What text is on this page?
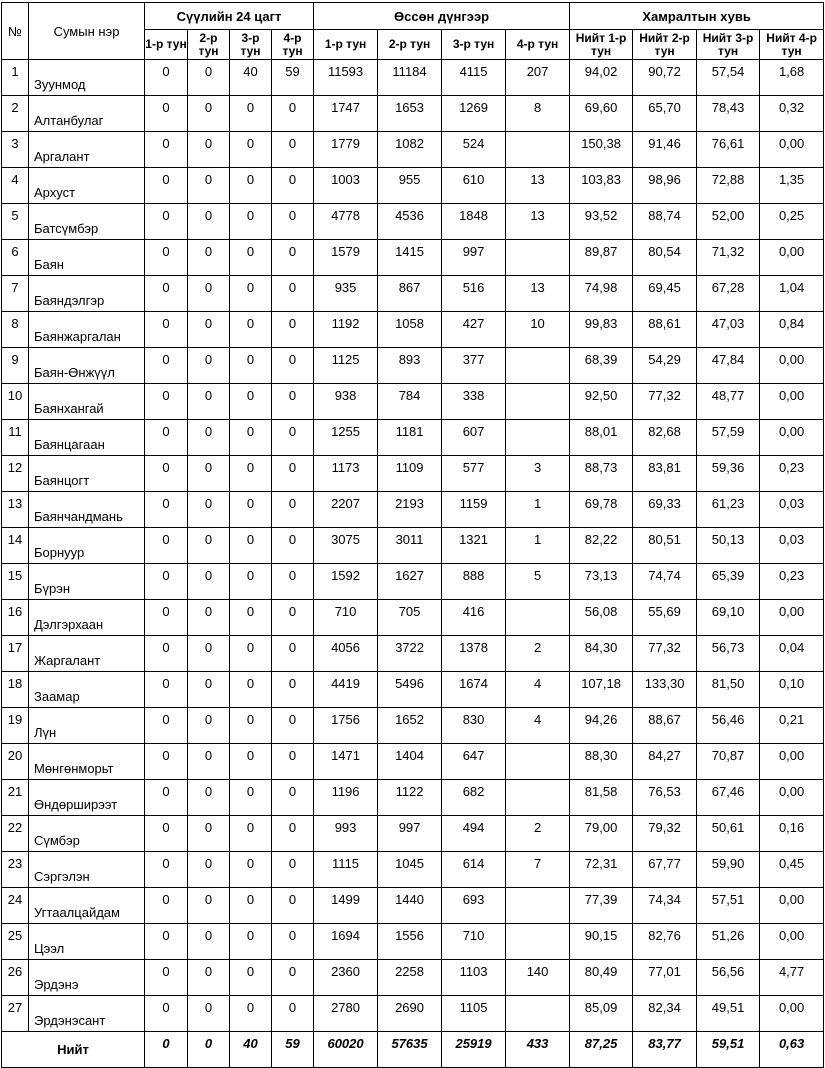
№	Сумын нэр	Сүүлийн 24 цагт				Өссөн дүнгээр				Хамралтын хувь			
		1-р тун	2-р тун	3-р тун	4-р тун	1-р тун	2-р тун	3-р тун	4-р тун	Нийт 1-р тун	Нийт 2-р тун	Нийт 3-р тун	Нийт 4-р тун
1	Зуунмод	0	0	40	59	11593	11184	4115	207	94,02	90,72	57,54	1,68
2	Алтанбулаг	0	0	0	0	1747	1653	1269	8	69,60	65,70	78,43	0,32
3	Аргалант	0	0	0	0	1779	1082	524		150,38	91,46	76,61	0,00
4	Архуст	0	0	0	0	1003	955	610	13	103,83	98,96	72,88	1,35
5	Батсүмбэр	0	0	0	0	4778	4536	1848	13	93,52	88,74	52,00	0,25
6	Баян	0	0	0	0	1579	1415	997		89,87	80,54	71,32	0,00
7	Баяндэлгэр	0	0	0	0	935	867	516	13	74,98	69,45	67,28	1,04
8	Баянжаргалан	0	0	0	0	1192	1058	427	10	99,83	88,61	47,03	0,84
9	Баян-Өнжүүл	0	0	0	0	1125	893	377		68,39	54,29	47,84	0,00
10	Баянхангай	0	0	0	0	938	784	338		92,50	77,32	48,77	0,00
11	Баянцагаан	0	0	0	0	1255	1181	607		88,01	82,68	57,59	0,00
12	Баянцогт	0	0	0	0	1173	1109	577	3	88,73	83,81	59,36	0,23
13	Баянчандмань	0	0	0	0	2207	2193	1159	1	69,78	69,33	61,23	0,03
14	Борнуур	0	0	0	0	3075	3011	1321	1	82,22	80,51	50,13	0,03
15	Бүрэн	0	0	0	0	1592	1627	888	5	73,13	74,74	65,39	0,23
16	Дэлгэрхаан	0	0	0	0	710	705	416		56,08	55,69	69,10	0,00
17	Жаргалант	0	0	0	0	4056	3722	1378	2	84,30	77,32	56,73	0,04
18	Заамар	0	0	0	0	4419	5496	1674	4	107,18	133,30	81,50	0,10
19	Лүн	0	0	0	0	1756	1652	830	4	94,26	88,67	56,46	0,21
20	Мөнгөнморьт	0	0	0	0	1471	1404	647		88,30	84,27	70,87	0,00
21	Өндөрширээт	0	0	0	0	1196	1122	682		81,58	76,53	67,46	0,00
22	Сүмбэр	0	0	0	0	993	997	494	2	79,00	79,32	50,61	0,16
23	Сэргэлэн	0	0	0	0	1115	1045	614	7	72,31	67,77	59,90	0,45
24	Угтаалцайдам	0	0	0	0	1499	1440	693		77,39	74,34	57,51	0,00
25	Цээл	0	0	0	0	1694	1556	710		90,15	82,76	51,26	0,00
26	Эрдэнэ	0	0	0	0	2360	2258	1103	140	80,49	77,01	56,56	4,77
27	Эрдэнэсант	0	0	0	0	2780	2690	1105		85,09	82,34	49,51	0,00
Нийт		0	0	40	59	60020	57635	25919	433	87,25	83,77	59,51	0,63
